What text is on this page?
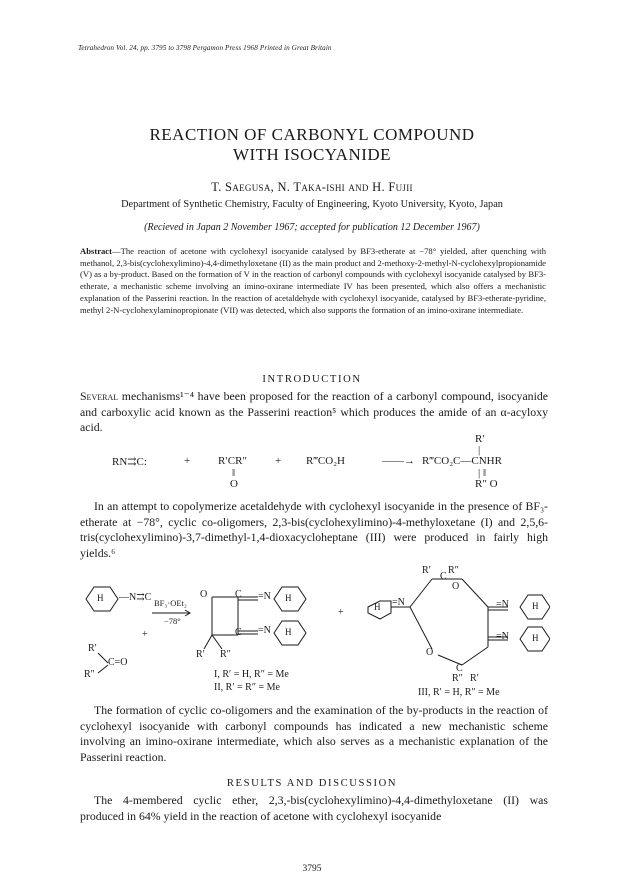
Tetrahedron Vol. 24, pp. 3795 to 3798 Pergamon Press 1968 Printed in Great Britain
REACTION OF CARBONYL COMPOUND
WITH ISOCYANIDE
T. Saegusa, N. Taka-ishi and H. Fujii
Department of Synthetic Chemistry, Faculty of Engineering, Kyoto University, Kyoto, Japan
(Recieved in Japan 2 November 1967; accepted for publication 12 December 1967)
Abstract—The reaction of acetone with cyclohexyl isocyanide catalysed by BF3-etherate at −78° yielded, after quenching with methanol, 2,3-bis(cyclohexylimino)-4,4-dimethyloxetane (II) as the main product and 2-methoxy-2-methyl-N-cyclohexylpropionamide (V) as a by-product. Based on the formation of V in the reaction of carbonyl compounds with cyclohexyl isocyanide catalysed by BF3-etherate, a mechanistic scheme involving an imino-oxirane intermediate IV has been presented, which also offers a mechanistic explanation of the Passerini reaction. In the reaction of acetaldehyde with cyclohexyl isocyanide, catalysed by BF3-etherate-pyridine, methyl 2-N-cyclohexylaminopropionate (VII) was detected, which also supports the formation of an imino-oxirane intermediate.
INTRODUCTION
Several mechanisms¹⁻⁴ have been proposed for the reaction of a carbonyl compound, isocyanide and carboxylic acid known as the Passerini reaction⁵ which produces the amide of an α-acyloxy acid.
RN⇉C:	+	R′CR″
‖
O
+ R‴CO₂H	——→
R′
|
R‴CO₂C—CNHR
| ‖
R″ O
In an attempt to copolymerize acetaldehyde with cyclohexyl isocyanide in the presence of BF₃-etherate at −78°, cyclic co-oligomers, 2,3-bis(cyclohexylimino)-4-methyloxetane (I) and 2,5,6-tris(cyclohexylimino)-3,7-dimethyl-1,4-dioxacycloheptane (III) were produced in fairly high yields.⁶
H —N⇉C BF₃·OEt₂
−78°
+
R′
R″
C=O
O	C
C
=N
=N
H
H
R′ R″
I, R′ = H, R″ = Me
II, R′ = R″ = Me
+	H =N
R′ R″
C
O
=N
=N
H
H
O
C
R″ R′
III, R′ = H, R″ = Me
The formation of cyclic co-oligomers and the examination of the by-products in the reaction of cyclohexyl isocyanide with carbonyl compounds has indicated a new mechanistic scheme involving an imino-oxirane intermediate, which also serves as a mechanistic explanation of the Passerini reaction.
RESULTS AND DISCUSSION
The 4-membered cyclic ether, 2,3,-bis(cyclohexylimino)-4,4-dimethyloxetane (II) was produced in 64% yield in the reaction of acetone with cyclohexyl isocyanide
3795
